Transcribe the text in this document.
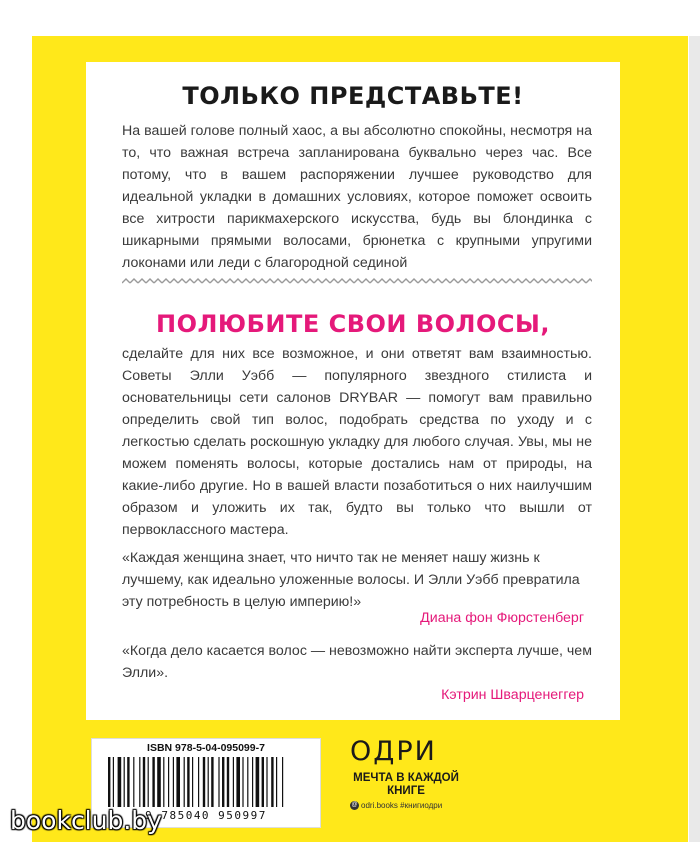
ТОЛЬКО ПРЕДСТАВЬТЕ!

На вашей голове полный хаос, а вы абсолютно спокойны, несмотря на то, что важная встреча запланирована буквально через час. Все потому, что в вашем распоряжении лучшее руководство для идеальной укладки в домашних условиях, которое поможет освоить все хитрости парикмахерского искусства, будь вы блондинка с шикарными прямыми волосами, брюнетка с крупными упругими локонами или леди с благородной сединой

ПОЛЮБИТЕ СВОИ ВОЛОСЫ,

сделайте для них все возможное, и они ответят вам взаимностью. Советы Элли Уэбб — популярного звездного стилиста и основательницы сети салонов DRYBAR — помогут вам правильно определить свой тип волос, подобрать средства по уходу и с легкостью сделать роскошную укладку для любого случая. Увы, мы не можем поменять волосы, которые достались нам от природы, на какие-либо другие. Но в вашей власти позаботиться о них наилучшим образом и уложить их так, будто вы только что вышли от первоклассного мастера.

«Каждая женщина знает, что ничто так не меняет нашу жизнь к лучшему, как идеально уложенные волосы. И Элли Уэбб превратила эту потребность в целую империю!»

Диана фон Фюрстенберг

«Когда дело касается волос — невозможно найти эксперта лучше, чем Элли».

Кэтрин Шварценеггер

ISBN 978-5-04-095099-7
9 785040 950997
ОДРИ
МЕЧТА В КАЖДОЙ КНИГЕ
@ odri.books #книгиодри
bookclub.by
